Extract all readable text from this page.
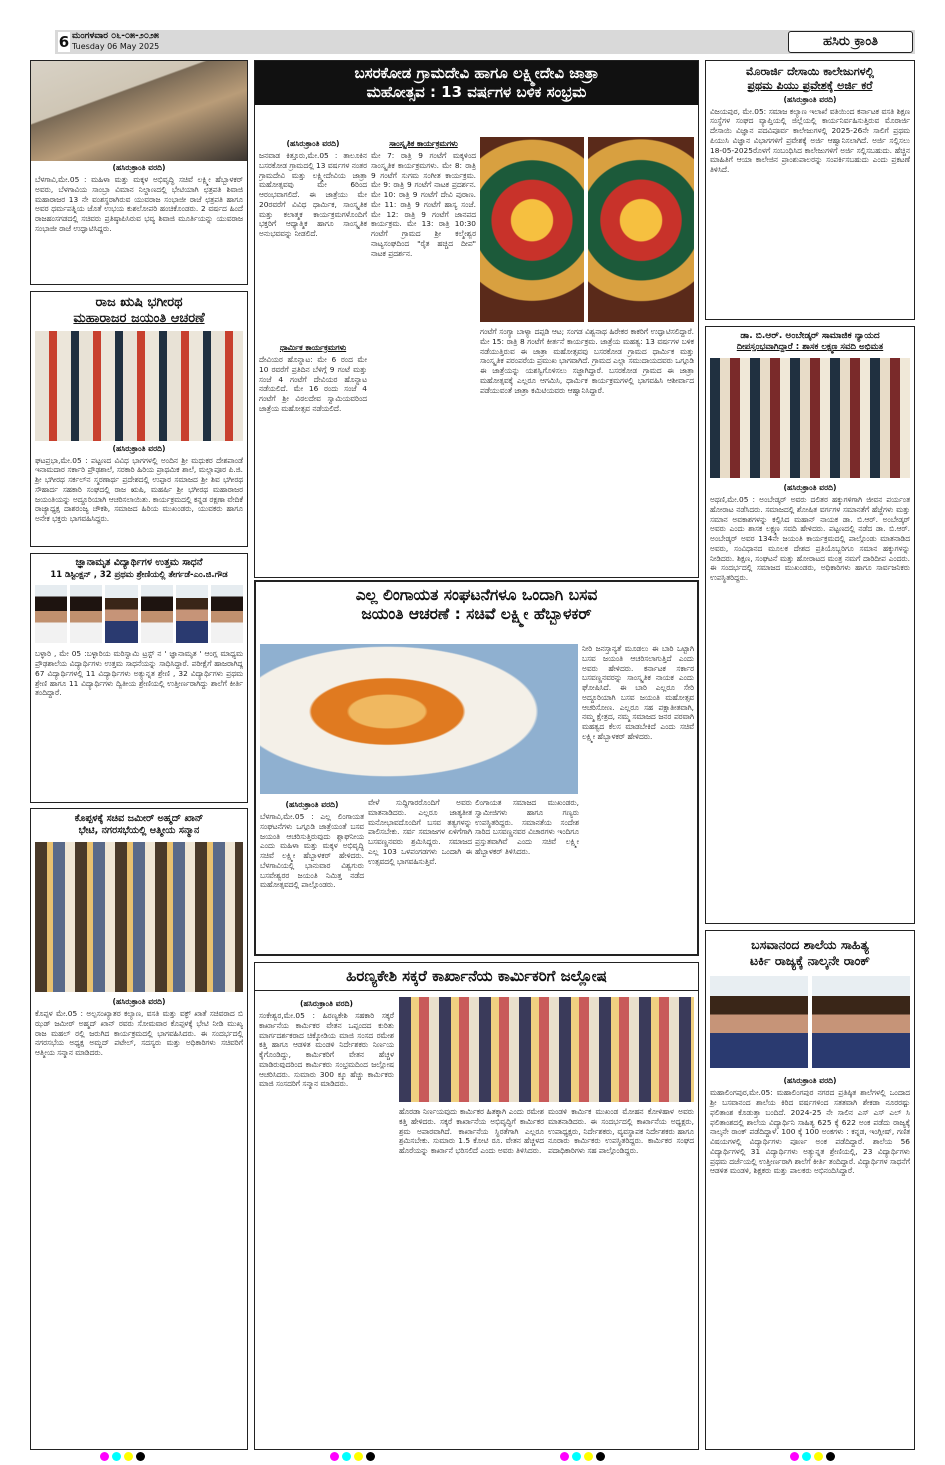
6 ಮಂಗಳವಾರ ೦೬-೦೫-೨೦೨೫
Tuesday 06 May 2025	ಹಸಿರು ಕ್ರಾಂತಿ
(ಹಸಿರುಕ್ರಾಂತಿ ವರದಿ)
ಬೆಳಗಾವಿ,ಮೇ.05 : ಮಹಿಳಾ ಮತ್ತು ಮಕ್ಕಳ ಅಭಿವೃದ್ಧಿ ಸಚಿವೆ ಲಕ್ಷ್ಮೀ ಹೆಬ್ಬಾಳಕರ್ ಅವರು, ಬೆಳಗಾವಿಯ ಸಾಂಬ್ರಾ ವಿಮಾನ ನಿಲ್ದಾಣದಲ್ಲಿ ಭೇಟಿಯಾಗಿ ಛತ್ರಪತಿ ಶಿವಾಜಿ ಮಹಾರಾಜರ 13 ನೇ ವಂಶಸ್ಥರಾಗಿರುವ ಯುವರಾಜ ಸಂಭಾಜೀ ರಾಜೆ ಛತ್ರಪತಿ ಹಾಗೂ ಅವರ ಧರ್ಮಪತ್ನಿಯ ಜೊತೆ ಉಭಯ ಕುಶಲೋಪರಿ ಹಂಚಿಕೊಂಡರು. 2 ವರ್ಷದ ಹಿಂದೆ ರಾಜಹಂಸಗಡದಲ್ಲಿ ಸಚಿವರು ಪ್ರತಿಷ್ಠಾಪಿಸಿರುವ ಭವ್ಯ ಶಿವಾಜಿ ಮೂರ್ತಿಯನ್ನು ಯುವರಾಜ ಸಂಭಾಜೀ ರಾಜೆ ಉದ್ಘಾಟಿಸಿದ್ದರು.
ರಾಜ ಋಷಿ ಭಗೀರಥ
ಮಹಾರಾಜರ ಜಯಂತಿ ಆಚರಣೆ
(ಹಸಿರುಕ್ರಾಂತಿ ವರದಿ)
ಘಟಪ್ರಭಾ,ಮೇ.05 : ಪಟ್ಟಣದ ವಿವಿಧ ಭಾಗಗಳಲ್ಲಿ ಅಂದಿನ ಶ್ರೀ ಮಧುಕರ ದೇಶಪಾಂಡೆ ಇನಾಮದಾರ ಸರ್ಕಾರಿ ಪ್ರೌಢಶಾಲೆ, ಸರಕಾರಿ ಹಿರಿಯ ಪ್ರಾಥಮಿಕ ಶಾಲೆ, ಮಲ್ಲಾಪೂರ ಪಿ.ಜಿ. ಶ್ರೀ ಭಗೀರಥ ಸರ್ಕಲ್‌ನ ಸ್ಮರಣಾರ್ಥ ಪ್ರದೇಶದಲ್ಲಿ ಉಪ್ಪಾರ ಸಮಾಜದ ಶ್ರೀ ಶಿವ ಭಗೀರಥ ಸೌಹಾರ್ದ ಸಹಕಾರಿ ಸಂಘದಲ್ಲಿ ರಾಜ ಋಷಿ, ಮಹರ್ಷಿ ಶ್ರೀ ಭಗೀರಥ ಮಹಾರಾಜರ ಜಯಂತಿಯನ್ನು ಅದ್ದೂರಿಯಾಗಿ ಆಚರಿಸಲಾಯಿತು. ಕಾರ್ಯಕ್ರಮದಲ್ಲಿ ಕನ್ನಡ ರಕ್ಷಣಾ ವೇದಿಕೆ ರಾಜ್ಯಾಧ್ಯಕ್ಷ ದಾಶರಂಜ್ಯ ಚೌಕಶಿ, ಸಮಾಜದ ಹಿರಿಯ ಮುಖಂಡರು, ಯುವಕರು ಹಾಗೂ ಅನೇಕ ಭಕ್ತರು ಭಾಗವಹಿಸಿದ್ದರು.
ಜ್ಞಾನಾಮೃತ ವಿದ್ಯಾರ್ಥಿಗಳ ಉತ್ತಮ ಸಾಧನೆ
11 ಡಿಸ್ಟಿಂಕ್ಷನ್ , 32 ಪ್ರಥಮ ಶ್ರೇಣಿಯಲ್ಲಿ ತೇರ್ಗಡೆ-ಎಂ.ಜಿ.ಗೌಡ
ಬಳ್ಳಾರಿ , ಮೇ 05 :ಬಳ್ಳಾರಿಯ ಮರಿಸ್ವಾಮಿ ಟ್ರಸ್ಟ್ ನ ' ಜ್ಞಾನಾಮೃತ ' ಆಂಗ್ಲ ಮಾಧ್ಯಮ ಪ್ರೌಢಶಾಲೆಯ ವಿದ್ಯಾರ್ಥಿಗಳು ಉತ್ತಮ ಸಾಧನೆಯನ್ನು ಸಾಧಿಸಿದ್ದಾರೆ. ಪರೀಕ್ಷೆಗೆ ಹಾಜರಾಗಿದ್ದ 67 ವಿದ್ಯಾರ್ಥಿಗಳಲ್ಲಿ 11 ವಿದ್ಯಾರ್ಥಿಗಳು ಅತ್ಯುನ್ನತ ಶ್ರೇಣಿ , 32 ವಿದ್ಯಾರ್ಥಿಗಳು ಪ್ರಥಮ ಶ್ರೇಣಿ ಹಾಗೂ 11 ವಿದ್ಯಾರ್ಥಿಗಳು ದ್ವಿತೀಯ ಶ್ರೇಣಿಯಲ್ಲಿ ಉತ್ತೀರ್ಣರಾಗಿದ್ದು ಶಾಲೆಗೆ ಕೀರ್ತಿ ತಂದಿದ್ದಾರೆ.
ಕೊಪ್ಪಳಕ್ಕೆ ಸಚಿವ ಜಮೀರ್ ಅಹ್ಮದ್ ಖಾನ್
ಭೇಟಿ, ನಗರಸಭೆಯಲ್ಲಿ ಆತ್ಮೀಯ ಸನ್ಮಾನ
(ಹಸಿರುಕ್ರಾಂತಿ ವರದಿ)
ಕೊಪ್ಪಳ ಮೇ.05 : ಅಲ್ಪಸಂಖ್ಯಾತರ ಕಲ್ಯಾಣ, ವಸತಿ ಮತ್ತು ವಕ್ಫ್ ಖಾತೆ ಸಚಿವರಾದ ಬಿ ಝಡ್ ಜಮೀರ್ ಅಹ್ಮದ್ ಖಾನ್ ರವರು ಸೋಮವಾರ ಕೊಪ್ಪಳಕ್ಕೆ ಭೇಟಿ ನೀಡಿ ಮುಖ್ಯ ರಾಜ ಮಹಲ್ ರಲ್ಲಿ ಜರುಗಿದ ಕಾರ್ಯಕ್ರಮದಲ್ಲಿ ಭಾಗವಹಿಸಿದರು. ಈ ಸಂದರ್ಭದಲ್ಲಿ ನಗರಸಭೆಯ ಅಧ್ಯಕ್ಷ ಅಮ್ಜದ್ ಪಟೇಲ್, ಸದಸ್ಯರು ಮತ್ತು ಅಧಿಕಾರಿಗಳು ಸಚಿವರಿಗೆ ಆತ್ಮೀಯ ಸನ್ಮಾನ ಮಾಡಿದರು.
ಬಸರಕೋಡ ಗ್ರಾಮದೇವಿ ಹಾಗೂ ಲಕ್ಷ್ಮೀದೇವಿ ಜಾತ್ರಾ
ಮಹೋತ್ಸವ : 13 ವರ್ಷಗಳ ಬಳಿಕ ಸಂಭ್ರಮ
(ಹಸಿರುಕ್ರಾಂತಿ ವರದಿ)
ಜನವಾಡ ಕಿತ್ತೂರು,ಮೇ.05 : ತಾಲೂಕಿನ ಬಸರಕೋಡ ಗ್ರಾಮದಲ್ಲಿ 13 ವರ್ಷಗಳ ನಂತರ ಗ್ರಾಮದೇವಿ ಮತ್ತು ಲಕ್ಷ್ಮೀದೇವಿಯ ಜಾತ್ರಾ ಮಹೋತ್ಸವವು ಮೇ 6ರಿಂದ ಆರಂಭವಾಗಲಿದೆ. ಈ ಜಾತ್ರೆಯು ಮೇ 20ರವರೆಗೆ ವಿವಿಧ ಧಾರ್ಮಿಕ, ಸಾಂಸ್ಕೃತಿಕ ಮತ್ತು ಕಲಾತ್ಮಕ ಕಾರ್ಯಕ್ರಮಗಳೊಂದಿಗೆ ಭಕ್ತರಿಗೆ ಆಧ್ಯಾತ್ಮಿಕ ಹಾಗೂ ಸಾಂಸ್ಕೃತಿಕ ಅನುಭವವನ್ನು ನೀಡಲಿದೆ.
ಧಾರ್ಮಿಕ ಕಾರ್ಯಕ್ರಮಗಳು
ದೇವಿಯರ ಹೊನ್ನಾಟ: ಮೇ 6 ರಂದ ಮೇ 10 ರವರೆಗೆ ಪ್ರತಿದಿನ ಬೆಳಿಗ್ಗೆ 9 ಗಂಟೆ ಮತ್ತು ಸಂಜೆ 4 ಗಂಟೆಗೆ ದೇವಿಯರ ಹೊನ್ನಾಟ ನಡೆಯಲಿದೆ. ಮೇ 16 ರಂದು ಸಂಜೆ 4 ಗಂಟೆಗೆ ಶ್ರೀ ವಿಠಲದೇವ ಸ್ವಾಮಿಯವರಿಂದ ಜಾತ್ರೆಯ ಮಹೋತ್ಸವ ನಡೆಯಲಿದೆ.
ಸಾಂಸ್ಕೃತಿಕ ಕಾರ್ಯಕ್ರಮಗಳು
ಮೇ 7: ರಾತ್ರಿ 9 ಗಂಟೆಗೆ ಮಕ್ಕಳಿಂದ ಸಾಂಸ್ಕೃತಿಕ ಕಾರ್ಯಕ್ರಮಗಳು. ಮೇ 8: ರಾತ್ರಿ 9 ಗಂಟೆಗೆ ಸುಗಮ ಸಂಗೀತ ಕಾರ್ಯಕ್ರಮ. ಮೇ 9: ರಾತ್ರಿ 9 ಗಂಟೆಗೆ ನಾಟಕ ಪ್ರದರ್ಶನ. ಮೇ 10: ರಾತ್ರಿ 9 ಗಂಟೆಗೆ ದೇವಿ ಪುರಾಣ. ಮೇ 11: ರಾತ್ರಿ 9 ಗಂಟೆಗೆ ಹಾಸ್ಯ ಸಂಜೆ. ಮೇ 12: ರಾತ್ರಿ 9 ಗಂಟೆಗೆ ಜಾನಪದ ಕಾರ್ಯಕ್ರಮ. ಮೇ 13: ರಾತ್ರಿ 10:30 ಗಂಟೆಗೆ ಗ್ರಾಮದ ಶ್ರೀ ಕಲ್ಮೇಶ್ವರ ನಾಟ್ಯಸಂಘದಿಂದ "ರೈತ ಹಚ್ಚಿದ ದೀಪ" ನಾಟಕ ಪ್ರದರ್ಶನ.
ಗಂಟೆಗೆ ಸಂಗ್ಯಾ ಬಾಳ್ಯಾ ದಪ್ಪಡಿ ಆಟ; ಸಂಗಡ ವಿಶ್ವನಾಥ ಹಿರೇಕರ ಕಾಕರಿಗೆ ಉದ್ಘಾಟಿಸಲಿದ್ದಾರೆ. ಮೇ 15: ರಾತ್ರಿ 8 ಗಂಟೆಗೆ ಕೀರ್ತನೆ ಕಾರ್ಯಕ್ರಮ. ಜಾತ್ರೆಯ ಮಹತ್ವ: 13 ವರ್ಷಗಳ ಬಳಿಕ ನಡೆಯುತ್ತಿರುವ ಈ ಜಾತ್ರಾ ಮಹೋತ್ಸವವು ಬಸರಕೋಡ ಗ್ರಾಮದ ಧಾರ್ಮಿಕ ಮತ್ತು ಸಾಂಸ್ಕೃತಿಕ ಪರಂಪರೆಯ ಪ್ರಮುಖ ಭಾಗವಾಗಿದೆ. ಗ್ರಾಮದ ಎಲ್ಲಾ ಸಮುದಾಯದವರು ಒಗ್ಗೂಡಿ ಈ ಜಾತ್ರೆಯನ್ನು ಯಶಸ್ವಿಗೊಳಿಸಲು ಸಜ್ಜಾಗಿದ್ದಾರೆ. ಬಸರಕೋಡ ಗ್ರಾಮದ ಈ ಜಾತ್ರಾ ಮಹೋತ್ಸವಕ್ಕೆ ಎಲ್ಲರೂ ಆಗಮಿಸಿ, ಧಾರ್ಮಿಕ ಕಾರ್ಯಕ್ರಮಗಳಲ್ಲಿ ಭಾಗವಹಿಸಿ ಆಶೀರ್ವಾದ ಪಡೆಯುವಂತೆ ಜಾತ್ರಾ ಕಮಿಟಿಯವರು ಆಹ್ವಾನಿಸಿದ್ದಾರೆ.
ಎಲ್ಲ ಲಿಂಗಾಯತ ಸಂಘಟನೆಗಳೂ ಒಂದಾಗಿ ಬಸವ
ಜಯಂತಿ ಆಚರಣೆ : ಸಚಿವೆ ಲಕ್ಷ್ಮೀ ಹೆಬ್ಬಾಳಕರ್
ನೀರಿ ಜನಸ್ತಾನ್ಯತೆ ಮೂಡಲು ಈ ಬಾರಿ ಒಟ್ಟಾಗಿ ಬಸವ ಜಯಂತಿ ಆಚರಿಸಲಾಗುತ್ತಿದೆ ಎಂದು ಅವರು ಹೇಳಿದರು. ಕರ್ನಾಟಕ ಸರ್ಕಾರ ಬಸವಣ್ಣನವರನ್ನು ಸಾಂಸ್ಕೃತಿಕ ನಾಯಕ ಎಂದು ಘೋಷಿಸಿದೆ. ಈ ಬಾರಿ ಎಲ್ಲರೂ ಸೇರಿ ಅದ್ದೂರಿಯಾಗಿ ಬಸವ ಜಯಂತಿ ಮಹೋತ್ಸವ ಆಚರಿಸೋಣ. ಎಲ್ಲರೂ ಸಹ ಪಕ್ಷಾತೀತವಾಗಿ, ನಮ್ಮ ಕ್ಷೇತ್ರದ, ನಮ್ಮ ಸಮಾಜದ ಜನರ ಪರವಾಗಿ ಮಹತ್ವದ ಕೆಲಸ ಮಾಡಬೇಕಿದೆ ಎಂದು ಸಚಿವೆ ಲಕ್ಷ್ಮೀ ಹೆಬ್ಬಾಳಕರ್ ಹೇಳಿದರು.
(ಹಸಿರುಕ್ರಾಂತಿ ವರದಿ)
ಬೆಳಗಾವಿ,ಮೇ.05 : ಎಲ್ಲ ಲಿಂಗಾಯತ ಸಂಘಟನೆಗಳು ಒಗ್ಗೂಡಿ ಜಾತ್ರೆಯಂತೆ ಬಸವ ಜಯಂತಿ ಆಚರಿಸುತ್ತಿರುವುದು ಶ್ಲಾಘನೀಯ ಎಂದು ಮಹಿಳಾ ಮತ್ತು ಮಕ್ಕಳ ಅಭಿವೃದ್ಧಿ ಸಚಿವೆ ಲಕ್ಷ್ಮೀ ಹೆಬ್ಬಾಳಕರ್ ಹೇಳಿದರು. ಬೆಳಗಾವಿಯಲ್ಲಿ ಭಾನುವಾರ ವಿಶ್ವಗುರು ಬಸವೇಶ್ವರರ ಜಯಂತಿ ನಿಮಿತ್ತ ನಡೆದ ಮಹೋತ್ಸವದಲ್ಲಿ ಪಾಲ್ಗೊಂಡರು.
ವೇಳೆ ಸುದ್ದಿಗಾರರೊಂದಿಗೆ ಅವರು ಮಾತನಾಡಿದರು. ಎಲ್ಲರೂ ಜಾತ್ಯತೀತ ಮನೋಭಾವದೊಂದಿಗೆ ಬಸವ ತತ್ವಗಳನ್ನು ಪಾಲಿಸಬೇಕು. ಸರ್ವ ಸಮಾಜಗಳ ಏಳಿಗೆಗಾಗಿ ಬಸವಣ್ಣನವರು ಶ್ರಮಿಸಿದ್ದರು. ಸಮಾಜದ ಎಲ್ಲ 103 ಒಳಪಂಗಡಗಳು ಒಂದಾಗಿ ಈ ಉತ್ಸವದಲ್ಲಿ ಭಾಗವಹಿಸುತ್ತಿವೆ.
ಲಿಂಗಾಯತ ಸಮಾಜದ ಮುಖಂಡರು, ಸ್ವಾಮೀಜಿಗಳು ಹಾಗೂ ಗಣ್ಯರು ಉಪಸ್ಥಿತರಿದ್ದರು. ಸಮಾನತೆಯ ಸಂದೇಶ ಸಾರಿದ ಬಸವಣ್ಣನವರ ವಿಚಾರಗಳು ಇಂದಿಗೂ ಪ್ರಸ್ತುತವಾಗಿವೆ ಎಂದು ಸಚಿವೆ ಲಕ್ಷ್ಮೀ ಹೆಬ್ಬಾಳಕರ್ ತಿಳಿಸಿದರು.
ಹಿರಣ್ಯಕೇಶಿ ಸಕ್ಕರೆ ಕಾರ್ಖಾನೆಯ ಕಾರ್ಮಿಕರಿಗೆ ಜಲ್ಲೋಷ
(ಹಸಿರುಕ್ರಾಂತಿ ವರದಿ)
ಸಂಕೇಶ್ವರ,ಮೇ.05 : ಹಿರಣ್ಯಕೇಶಿ ಸಹಕಾರಿ ಸಕ್ಕರೆ ಕಾರ್ಖಾನೆಯ ಕಾರ್ಮಿಕರ ವೇತನ ಒಪ್ಪಂದದ ಕುರಿತು ಮಾರ್ಗದರ್ಶಕರಾದ ಚಿಕ್ಕೋಡಿಯ ಮಾಜಿ ಸಂಸದ ರಮೇಶ ಕತ್ತಿ ಹಾಗೂ ಆಡಳಿತ ಮಂಡಳಿ ನಿರ್ದೇಶಕರು ನಿರ್ಣಯ ಕೈಗೊಂಡಿದ್ದು, ಕಾರ್ಮಿಕರಿಗೆ ವೇತನ ಹೆಚ್ಚಳ ಮಾಡಿರುವುದರಿಂದ ಕಾರ್ಮಿಕರು ಸಂಭ್ರಮದಿಂದ ಜಲ್ಲೋಷ ಆಚರಿಸಿದರು. ಸುಮಾರು 300 ಕ್ಕೂ ಹೆಚ್ಚು ಕಾರ್ಮಿಕರು ಮಾಜಿ ಸಂಸದರಿಗೆ ಸನ್ಮಾನ ಮಾಡಿದರು.
ಹೊರಡಾ ನಿರ್ಣಯವುದು ಕಾರ್ಮಿಕರ ಹಿತಕ್ಕಾಗಿ ಎಂದು ರಮೇಶ ಕತ್ತಿ ಹೇಳಿದರು. ಸಕ್ಕರೆ ಕಾರ್ಖಾನೆಯ ಅಭಿವೃದ್ಧಿಗೆ ಕಾರ್ಮಿಕರ ಶ್ರಮ ಅಪಾರವಾಗಿದೆ. ಕಾರ್ಖಾನೆಯ ಸ್ಥಿರತೆಗಾಗಿ ಎಲ್ಲರೂ ಶ್ರಮಿಸಬೇಕು. ಸುಮಾರು 1.5 ಕೋಟಿ ರೂ. ವೇತನ ಹೆಚ್ಚಳದ ಹೊರೆಯನ್ನು ಕಾರ್ಖಾನೆ ಭರಿಸಲಿದೆ ಎಂದು ಅವರು ತಿಳಿಸಿದರು.
ಮಂಡಳಿ ಕಾರ್ಮಿಕ ಮುಖಂಡ ಮೋಹನ ಕೋಳಿಹಾಳ ಅವರು ಮಾತನಾಡಿದರು. ಈ ಸಂದರ್ಭದಲ್ಲಿ ಕಾರ್ಖಾನೆಯ ಅಧ್ಯಕ್ಷರು, ಉಪಾಧ್ಯಕ್ಷರು, ನಿರ್ದೇಶಕರು, ವ್ಯವಸ್ಥಾಪಕ ನಿರ್ದೇಶಕರು ಹಾಗೂ ನೂರಾರು ಕಾರ್ಮಿಕರು ಉಪಸ್ಥಿತರಿದ್ದರು. ಕಾರ್ಮಿಕರ ಸಂಘದ ಪದಾಧಿಕಾರಿಗಳು ಸಹ ಪಾಲ್ಗೊಂಡಿದ್ದರು.
ಮೊರಾರ್ಜಿ ದೇಸಾಯಿ ಕಾಲೇಜುಗಳಲ್ಲಿ
ಪ್ರಥಮ ಪಿಯು ಪ್ರವೇಶಕ್ಕೆ ಅರ್ಜಿ ಕರೆ
(ಹಸಿರುಕ್ರಾಂತಿ ವರದಿ)
ವಿಜಯಪುರ, ಮೇ.05: ಸಮಾಜ ಕಲ್ಯಾಣ ಇಲಾಖೆ ವತಿಯಿಂದ ಕರ್ನಾಟಕ ವಸತಿ ಶಿಕ್ಷಣ ಸಂಸ್ಥೆಗಳ ಸಂಘದ ವ್ಯಾಪ್ತಿಯಲ್ಲಿ ಜಿಲ್ಲೆಯಲ್ಲಿ ಕಾರ್ಯನಿರ್ವಹಿಸುತ್ತಿರುವ ಮೊರಾರ್ಜಿ ದೇಸಾಯಿ ವಿಜ್ಞಾನ ಪದವಿಪೂರ್ವ ಕಾಲೇಜುಗಳಲ್ಲಿ 2025-26ನೇ ಸಾಲಿಗೆ ಪ್ರಥಮ ಪಿಯುಸಿ ವಿಜ್ಞಾನ ವಿಭಾಗಗಳಿಗೆ ಪ್ರವೇಶಕ್ಕೆ ಅರ್ಜಿ ಆಹ್ವಾನಿಸಲಾಗಿದೆ. ಅರ್ಜಿ ಸಲ್ಲಿಸಲು 18-05-2025ರೊಳಗೆ ಸಂಬಂಧಿಸಿದ ಕಾಲೇಜುಗಳಿಗೆ ಅರ್ಜಿ ಸಲ್ಲಿಸಬಹುದು. ಹೆಚ್ಚಿನ ಮಾಹಿತಿಗೆ ಆಯಾ ಕಾಲೇಜಿನ ಪ್ರಾಂಶುಪಾಲರನ್ನು ಸಂಪರ್ಕಿಸಬಹುದು ಎಂದು ಪ್ರಕಟಣೆ ತಿಳಿಸಿದೆ.
ಡಾ. ಬಿ.ಆರ್. ಅಂಬೇಡ್ಕರ್ ಸಾಮಾಜಿಕ ನ್ಯಾಯದ
ದೀಪಸ್ತಂಭವಾಗಿದ್ದಾರೆ : ಶಾಸಕ ಲಕ್ಷ್ಮಣ ಸವದಿ ಅಭಿಮತ
(ಹಸಿರುಕ್ರಾಂತಿ ವರದಿ)
ಅಥಣಿ,ಮೇ.05 : ಅಂಬೇಡ್ಕರ್ ಅವರು ದಲಿತರ ಹಕ್ಕುಗಳಿಗಾಗಿ ಜೀವನ ಪರ್ಯಂತ ಹೋರಾಟ ನಡೆಸಿದರು. ಸಮಾಜದಲ್ಲಿ ಶೋಷಿತ ವರ್ಗಗಳ ಸಮಾನತೆಗೆ ಹೆಜ್ಜೆಗಳು ಮತ್ತು ಸಮಾನ ಅವಕಾಶಗಳನ್ನು ಕಲ್ಪಿಸಿದ ಮಹಾನ್ ನಾಯಕ ಡಾ. ಬಿ.ಆರ್. ಅಂಬೇಡ್ಕರ್ ಅವರು ಎಂದು ಶಾಸಕ ಲಕ್ಷ್ಮಣ ಸವದಿ ಹೇಳಿದರು. ಪಟ್ಟಣದಲ್ಲಿ ನಡೆದ ಡಾ. ಬಿ.ಆರ್. ಅಂಬೇಡ್ಕರ್ ಅವರ 134ನೇ ಜಯಂತಿ ಕಾರ್ಯಕ್ರಮದಲ್ಲಿ ಪಾಲ್ಗೊಂಡು ಮಾತನಾಡಿದ ಅವರು, ಸಂವಿಧಾನದ ಮೂಲಕ ದೇಶದ ಪ್ರತಿಯೊಬ್ಬರಿಗೂ ಸಮಾನ ಹಕ್ಕುಗಳನ್ನು ನೀಡಿದರು. ಶಿಕ್ಷಣ, ಸಂಘಟನೆ ಮತ್ತು ಹೋರಾಟದ ಮಂತ್ರ ನಮಗೆ ದಾರಿದೀಪ ಎಂದರು. ಈ ಸಂದರ್ಭದಲ್ಲಿ ಸಮಾಜದ ಮುಖಂಡರು, ಅಧಿಕಾರಿಗಳು ಹಾಗೂ ಸಾರ್ವಜನಿಕರು ಉಪಸ್ಥಿತರಿದ್ದರು.
ಬಸವಾನಂದ ಶಾಲೆಯ ಸಾಹಿತ್ಯ
ಟರ್ಕಿ ರಾಜ್ಯಕ್ಕೆ ನಾಲ್ಕನೇ ರಾಂಕ್
(ಹಸಿರುಕ್ರಾಂತಿ ವರದಿ)
ಮಹಾಲಿಂಗಪುರ,ಮೇ.05: ಮಹಾಲಿಂಗಪುರ ನಗರದ ಪ್ರತಿಷ್ಠಿತ ಶಾಲೆಗಳಲ್ಲಿ ಒಂದಾದ ಶ್ರೀ ಬಸವಾನಂದ ಶಾಲೆಯ ಕಿರಿದ ವರ್ಷಗಳಿಂದ ಸತತವಾಗಿ ಶೇಕಡಾ ನೂರರಷ್ಟು ಫಲಿತಾಂಶ ಕೊಡುತ್ತಾ ಬಂದಿದೆ. 2024-25 ನೇ ಸಾಲಿನ ಎಸ್ ಎಸ್ ಎಲ್ ಸಿ ಫಲಿತಾಂಶದಲ್ಲಿ ಶಾಲೆಯ ವಿದ್ಯಾರ್ಥಿನಿ ಸಾಹಿತ್ಯ 625 ಕ್ಕೆ 622 ಅಂಕ ಪಡೆದು ರಾಜ್ಯಕ್ಕೆ ನಾಲ್ಕನೇ ರಾಂಕ್ ಪಡೆದಿದ್ದಾಳೆ. 100 ಕ್ಕೆ 100 ಅಂಕಗಳು : ಕನ್ನಡ, ಇಂಗ್ಲೀಷ್, ಗಣಿತ ವಿಷಯಗಳಲ್ಲಿ ವಿದ್ಯಾರ್ಥಿಗಳು ಪೂರ್ಣ ಅಂಕ ಪಡೆದಿದ್ದಾರೆ. ಶಾಲೆಯ 56 ವಿದ್ಯಾರ್ಥಿಗಳಲ್ಲಿ 31 ವಿದ್ಯಾರ್ಥಿಗಳು ಅತ್ಯುನ್ನತ ಶ್ರೇಣಿಯಲ್ಲಿ, 23 ವಿದ್ಯಾರ್ಥಿಗಳು ಪ್ರಥಮ ದರ್ಜೆಯಲ್ಲಿ ಉತ್ತೀರ್ಣರಾಗಿ ಶಾಲೆಗೆ ಕೀರ್ತಿ ತಂದಿದ್ದಾರೆ. ವಿದ್ಯಾರ್ಥಿಗಳ ಸಾಧನೆಗೆ ಆಡಳಿತ ಮಂಡಳಿ, ಶಿಕ್ಷಕರು ಮತ್ತು ಪಾಲಕರು ಅಭಿನಂದಿಸಿದ್ದಾರೆ.
